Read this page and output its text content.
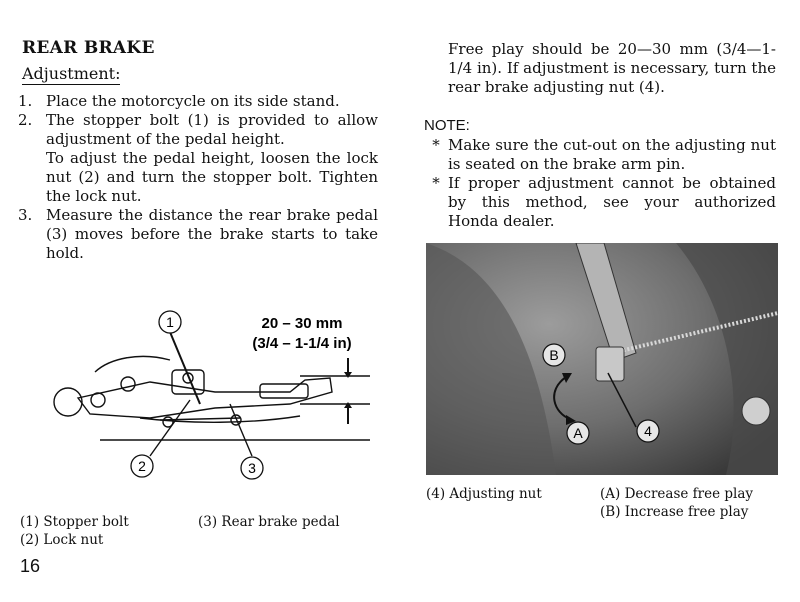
REAR BRAKE
Adjustment:
1. Place the motorcycle on its side stand.

2. The stopper bolt (1) is provided to allow adjustment of the pedal height.

To adjust the pedal height, loosen the lock nut (2) and turn the stopper bolt. Tighten the lock nut.

3. Measure the distance the rear brake pedal (3) moves before the brake starts to take hold.

Free play should be 20—30 mm (3/4—1-1/4 in). If adjustment is necessary, turn the rear brake adjusting nut (4).
NOTE:
* Make sure the cut-out on the adjusting nut is seated on the brake arm pin.
* If proper adjustment cannot be obtained by this method, see your authorized Honda dealer.
1
2	3
20 – 30 mm
(3/4 – 1-1/4 in)
B
A	4
(1) Stopper bolt
(2) Lock nut
(3) Rear brake pedal
(4) Adjusting nut	(A) Decrease free play
(B) Increase free play
16
